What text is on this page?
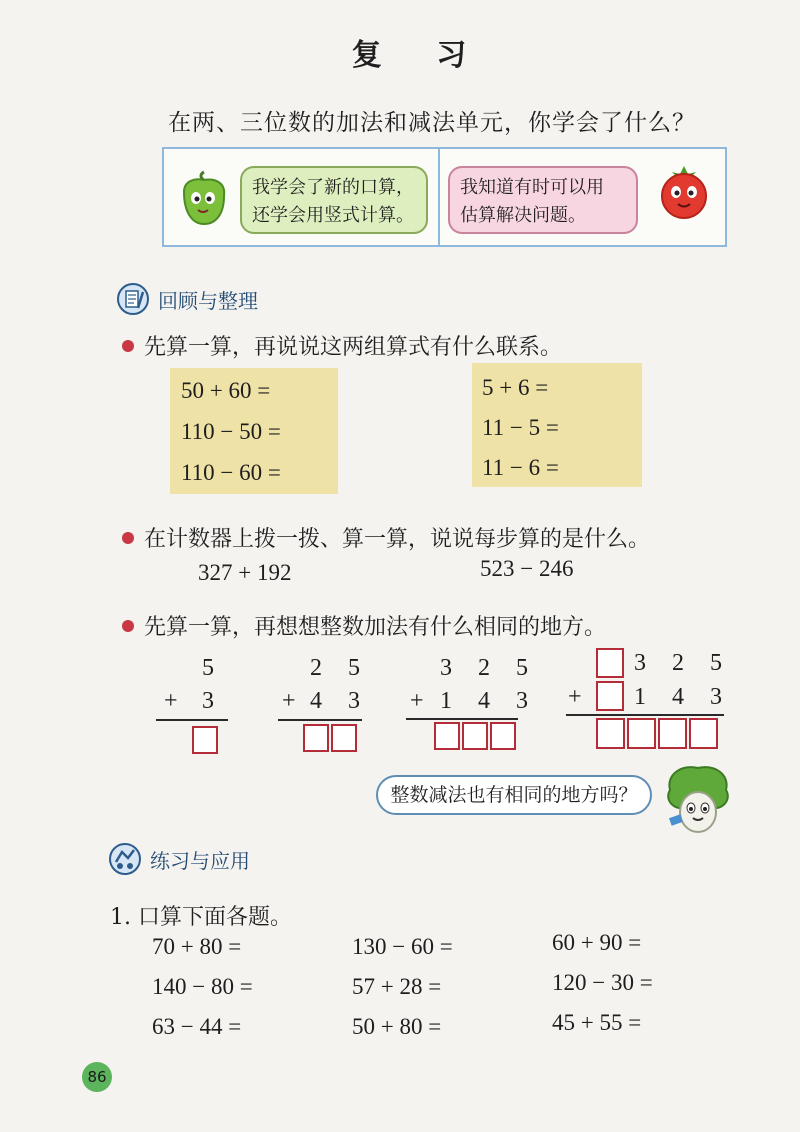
复 习
在两、三位数的加法和减法单元，你学会了什么？
我学会了新的口算，
还学会用竖式计算。
我知道有时可以用
估算解决问题。
回顾与整理
先算一算，再说说这两组算式有什么联系。
50 + 60 =
110 − 50 =
110 − 60 =
5 + 6 =
11 − 5 =
11 − 6 =
在计数器上拨一拨、算一算，说说每步算的是什么。
327 + 192	523 − 246
先算一算，再想想整数加法有什么相同的地方。
5
+ 3
2 5
+ 4 3
3 2 5
+ 1 4 3
3 2 5
+ 1 4 3
整数减法也有相同的地方吗？
练习与应用
1. 口算下面各题。
70 + 80 =
140 − 80 =
63 − 44 =
130 − 60 =
57 + 28 =
50 + 80 =
60 + 90 =
120 − 30 =
45 + 55 =
86
